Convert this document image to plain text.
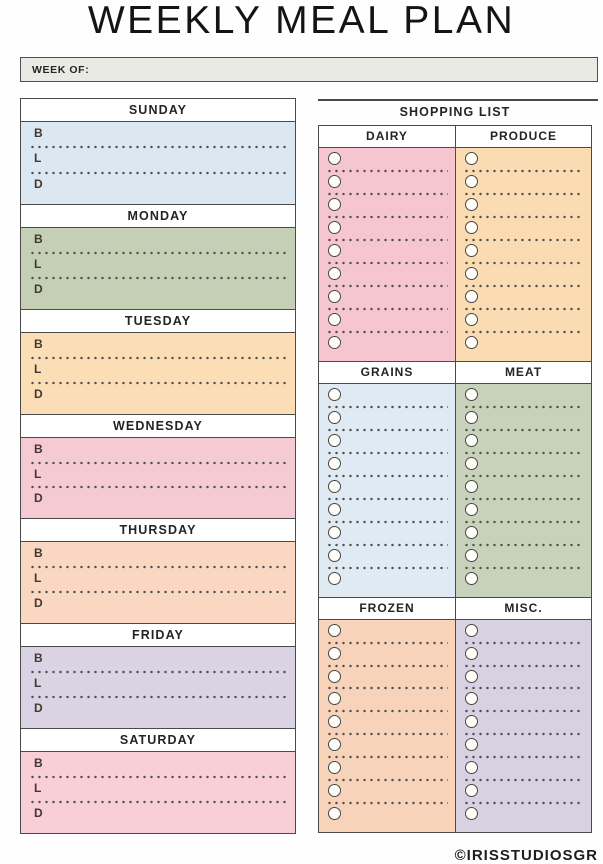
WEEKLY MEAL PLAN
WEEK OF:
SUNDAY
B
L
D
MONDAY
B
L
D
TUESDAY
B
L
D
WEDNESDAY
B
L
D
THURSDAY
B
L
D
FRIDAY
B
L
D
SATURDAY
B
L
D
SHOPPING LIST
DAIRY	PRODUCE
GRAINS	MEAT
FROZEN	MISC.
©IRISSTUDIOSGR
